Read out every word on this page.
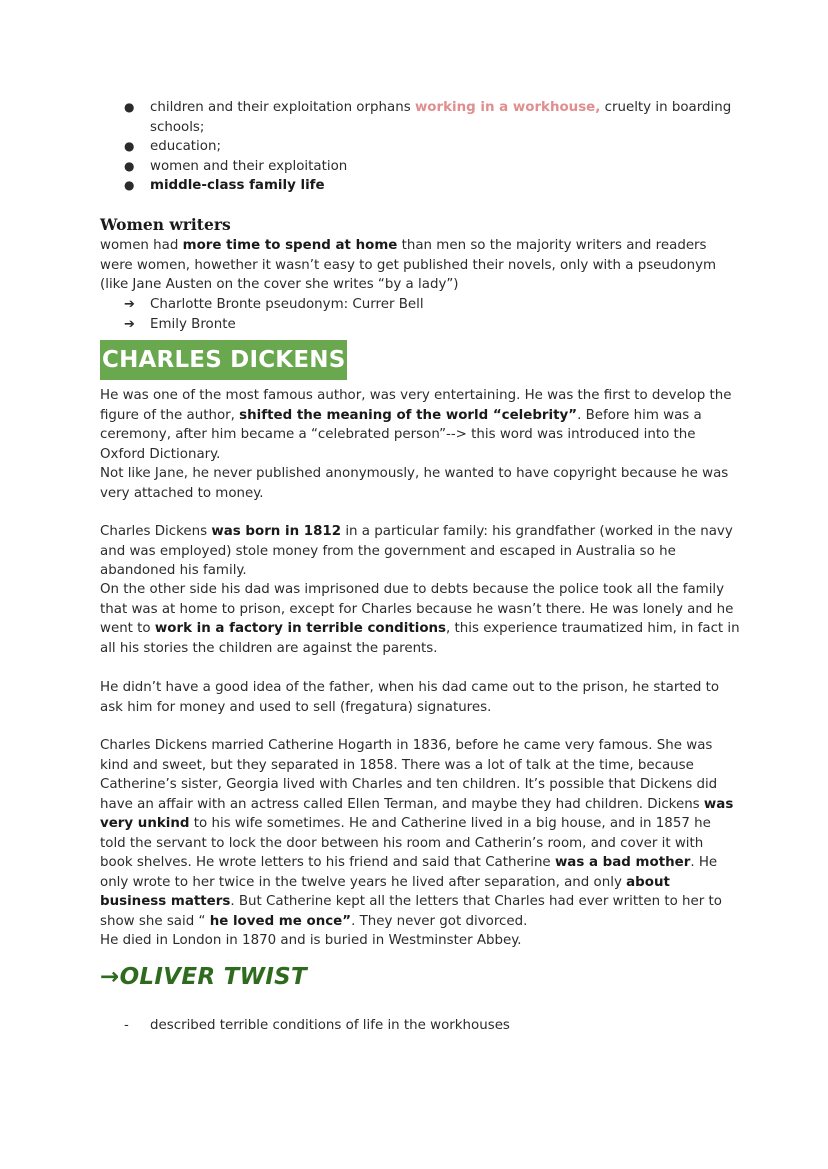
●	children and their exploitation orphans working in a workhouse, cruelty in boarding schools;
●	education;
●	women and their exploitation
●	middle-class family life
Women writers

women had more time to spend at home than men so the majority writers and readers were women, howether it wasn’t easy to get published their novels, only with a pseudonym (like Jane Austen on the cover she writes “by a lady”)

➔	Charlotte Bronte pseudonym: Currer Bell
➔	Emily Bronte
CHARLES DICKENS

He was one of the most famous author, was very entertaining. He was the first to develop the figure of the author, shifted the meaning of the world “celebrity”. Before him was a ceremony, after him became a “celebrated person”--> this word was introduced into the Oxford Dictionary.

Not like Jane, he never published anonymously, he wanted to have copyright because he was very attached to money.

Charles Dickens was born in 1812 in a particular family: his grandfather (worked in the navy and was employed) stole money from the government and escaped in Australia so he abandoned his family.

On the other side his dad was imprisoned due to debts because the police took all the family that was at home to prison, except for Charles because he wasn’t there. He was lonely and he went to work in a factory in terrible conditions, this experience traumatized him, in fact in all his stories the children are against the parents.

He didn’t have a good idea of the father, when his dad came out to the prison, he started to ask him for money and used to sell (fregatura) signatures.

Charles Dickens married Catherine Hogarth in 1836, before he came very famous. She was kind and sweet, but they separated in 1858. There was a lot of talk at the time, because Catherine’s sister, Georgia lived with Charles and ten children. It’s possible that Dickens did have an affair with an actress called Ellen Terman, and maybe they had children. Dickens was very unkind to his wife sometimes. He and Catherine lived in a big house, and in 1857 he told the servant to lock the door between his room and Catherin’s room, and cover it with book shelves. He wrote letters to his friend and said that Catherine was a bad mother. He only wrote to her twice in the twelve years he lived after separation, and only about business matters. But Catherine kept all the letters that Charles had ever written to her to show she said “ he loved me once”. They never got divorced.

He died in London in 1870 and is buried in Westminster Abbey.

→OLIVER TWIST
-	described terrible conditions of life in the workhouses
